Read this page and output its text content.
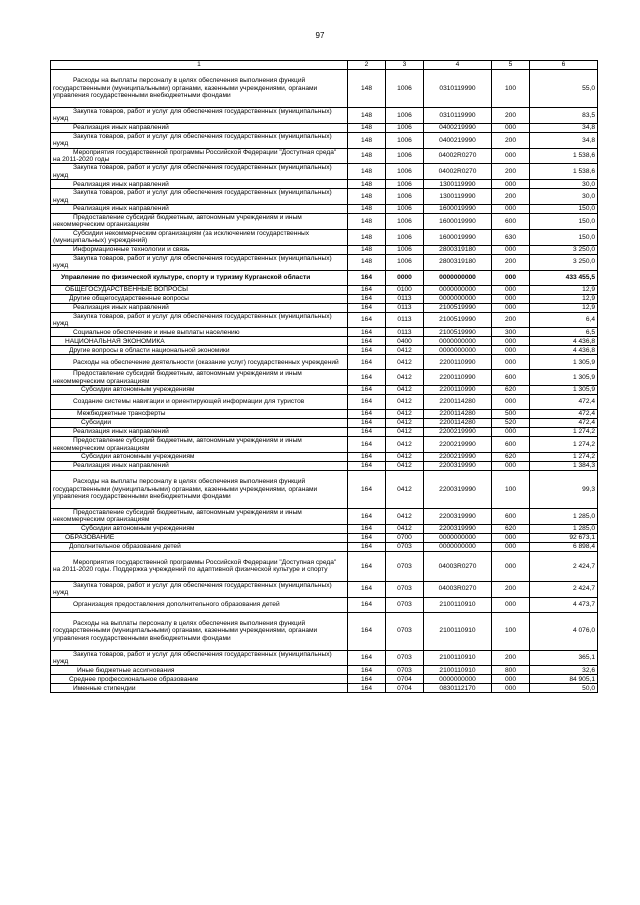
97
1	2	3	4	5	6
Расходы на выплаты персоналу в целях обеспечения выполнения функций государственными (муниципальными) органами, казенными учреждениями, органами управления государственными внебюджетными фондами	148	1006	0310119990	100	55,0
Закупка товаров, работ и услуг для обеспечения государственных (муниципальных) нужд	148	1006	0310119990	200	83,5
Реализация иных направлений	148	1006	0400219990	000	34,8
Закупка товаров, работ и услуг для обеспечения государственных (муниципальных) нужд	148	1006	0400219990	200	34,8
Мероприятия государственной программы Российской Федерации "Доступная среда" на 2011-2020 годы	148	1006	04002R0270	000	1 538,6
Закупка товаров, работ и услуг для обеспечения государственных (муниципальных) нужд	148	1006	04002R0270	200	1 538,6
Реализация иных направлений	148	1006	1300119990	000	30,0
Закупка товаров, работ и услуг для обеспечения государственных (муниципальных) нужд	148	1006	1300119990	200	30,0
Реализация иных направлений	148	1006	1600019990	000	150,0
Предоставление субсидий бюджетным, автономным учреждениям и иным некоммерческим организациям	148	1006	1600019990	600	150,0
Субсидии некоммерческим организациям (за исключением государственных (муниципальных) учреждений)	148	1006	1600019990	630	150,0
Информационные технологии и связь	148	1006	2800319180	000	3 250,0
Закупка товаров, работ и услуг для обеспечения государственных (муниципальных) нужд	148	1006	2800319180	200	3 250,0
Управление по физической культуре, спорту и туризму Курганской области	164	0000	0000000000	000	433 455,5
ОБЩЕГОСУДАРСТВЕННЫЕ ВОПРОСЫ	164	0100	0000000000	000	12,9
Другие общегосударственные вопросы	164	0113	0000000000	000	12,9
Реализация иных направлений	164	0113	2100519990	000	12,9
Закупка товаров, работ и услуг для обеспечения государственных (муниципальных) нужд	164	0113	2100519990	200	6,4
Социальное обеспечение и иные выплаты населению	164	0113	2100519990	300	6,5
НАЦИОНАЛЬНАЯ ЭКОНОМИКА	164	0400	0000000000	000	4 436,8
Другие вопросы в области национальной экономики	164	0412	0000000000	000	4 436,8
Расходы на обеспечение деятельности (оказание услуг) государственных учреждений	164	0412	2200110990	000	1 305,9
Предоставление субсидий бюджетным, автономным учреждениям и иным некоммерческим организациям	164	0412	2200110990	600	1 305,9
Субсидии автономным учреждениям	164	0412	2200110990	620	1 305,9
Создание системы навигации и ориентирующей информации для туристов	164	0412	2200114280	000	472,4
Межбюджетные трансферты	164	0412	2200114280	500	472,4
Субсидии	164	0412	2200114280	520	472,4
Реализация иных направлений	164	0412	2200219990	000	1 274,2
Предоставление субсидий бюджетным, автономным учреждениям и иным некоммерческим организациям	164	0412	2200219990	600	1 274,2
Субсидии автономным учреждениям	164	0412	2200219990	620	1 274,2
Реализация иных направлений	164	0412	2200319990	000	1 384,3
Расходы на выплаты персоналу в целях обеспечения выполнения функций государственными (муниципальными) органами, казенными учреждениями, органами управления государственными внебюджетными фондами	164	0412	2200319990	100	99,3
Предоставление субсидий бюджетным, автономным учреждениям и иным некоммерческим организациям	164	0412	2200319990	600	1 285,0
Субсидии автономным учреждениям	164	0412	2200319990	620	1 285,0
ОБРАЗОВАНИЕ	164	0700	0000000000	000	92 673,1
Дополнительное образование детей	164	0703	0000000000	000	6 898,4
Мероприятия государственной программы Российской Федерации "Доступная среда" на 2011-2020 годы. Поддержка учреждений по адаптивной физической культуре и спорту	164	0703	04003R0270	000	2 424,7
Закупка товаров, работ и услуг для обеспечения государственных (муниципальных) нужд	164	0703	04003R0270	200	2 424,7
Организация предоставления дополнительного образования детей	164	0703	2100110910	000	4 473,7
Расходы на выплаты персоналу в целях обеспечения выполнения функций государственными (муниципальными) органами, казенными учреждениями, органами управления государственными внебюджетными фондами	164	0703	2100110910	100	4 076,0
Закупка товаров, работ и услуг для обеспечения государственных (муниципальных) нужд	164	0703	2100110910	200	365,1
Иные бюджетные ассигнования	164	0703	2100110910	800	32,6
Среднее профессиональное образование	164	0704	0000000000	000	84 905,1
Именные стипендии	164	0704	0830112170	000	50,0
